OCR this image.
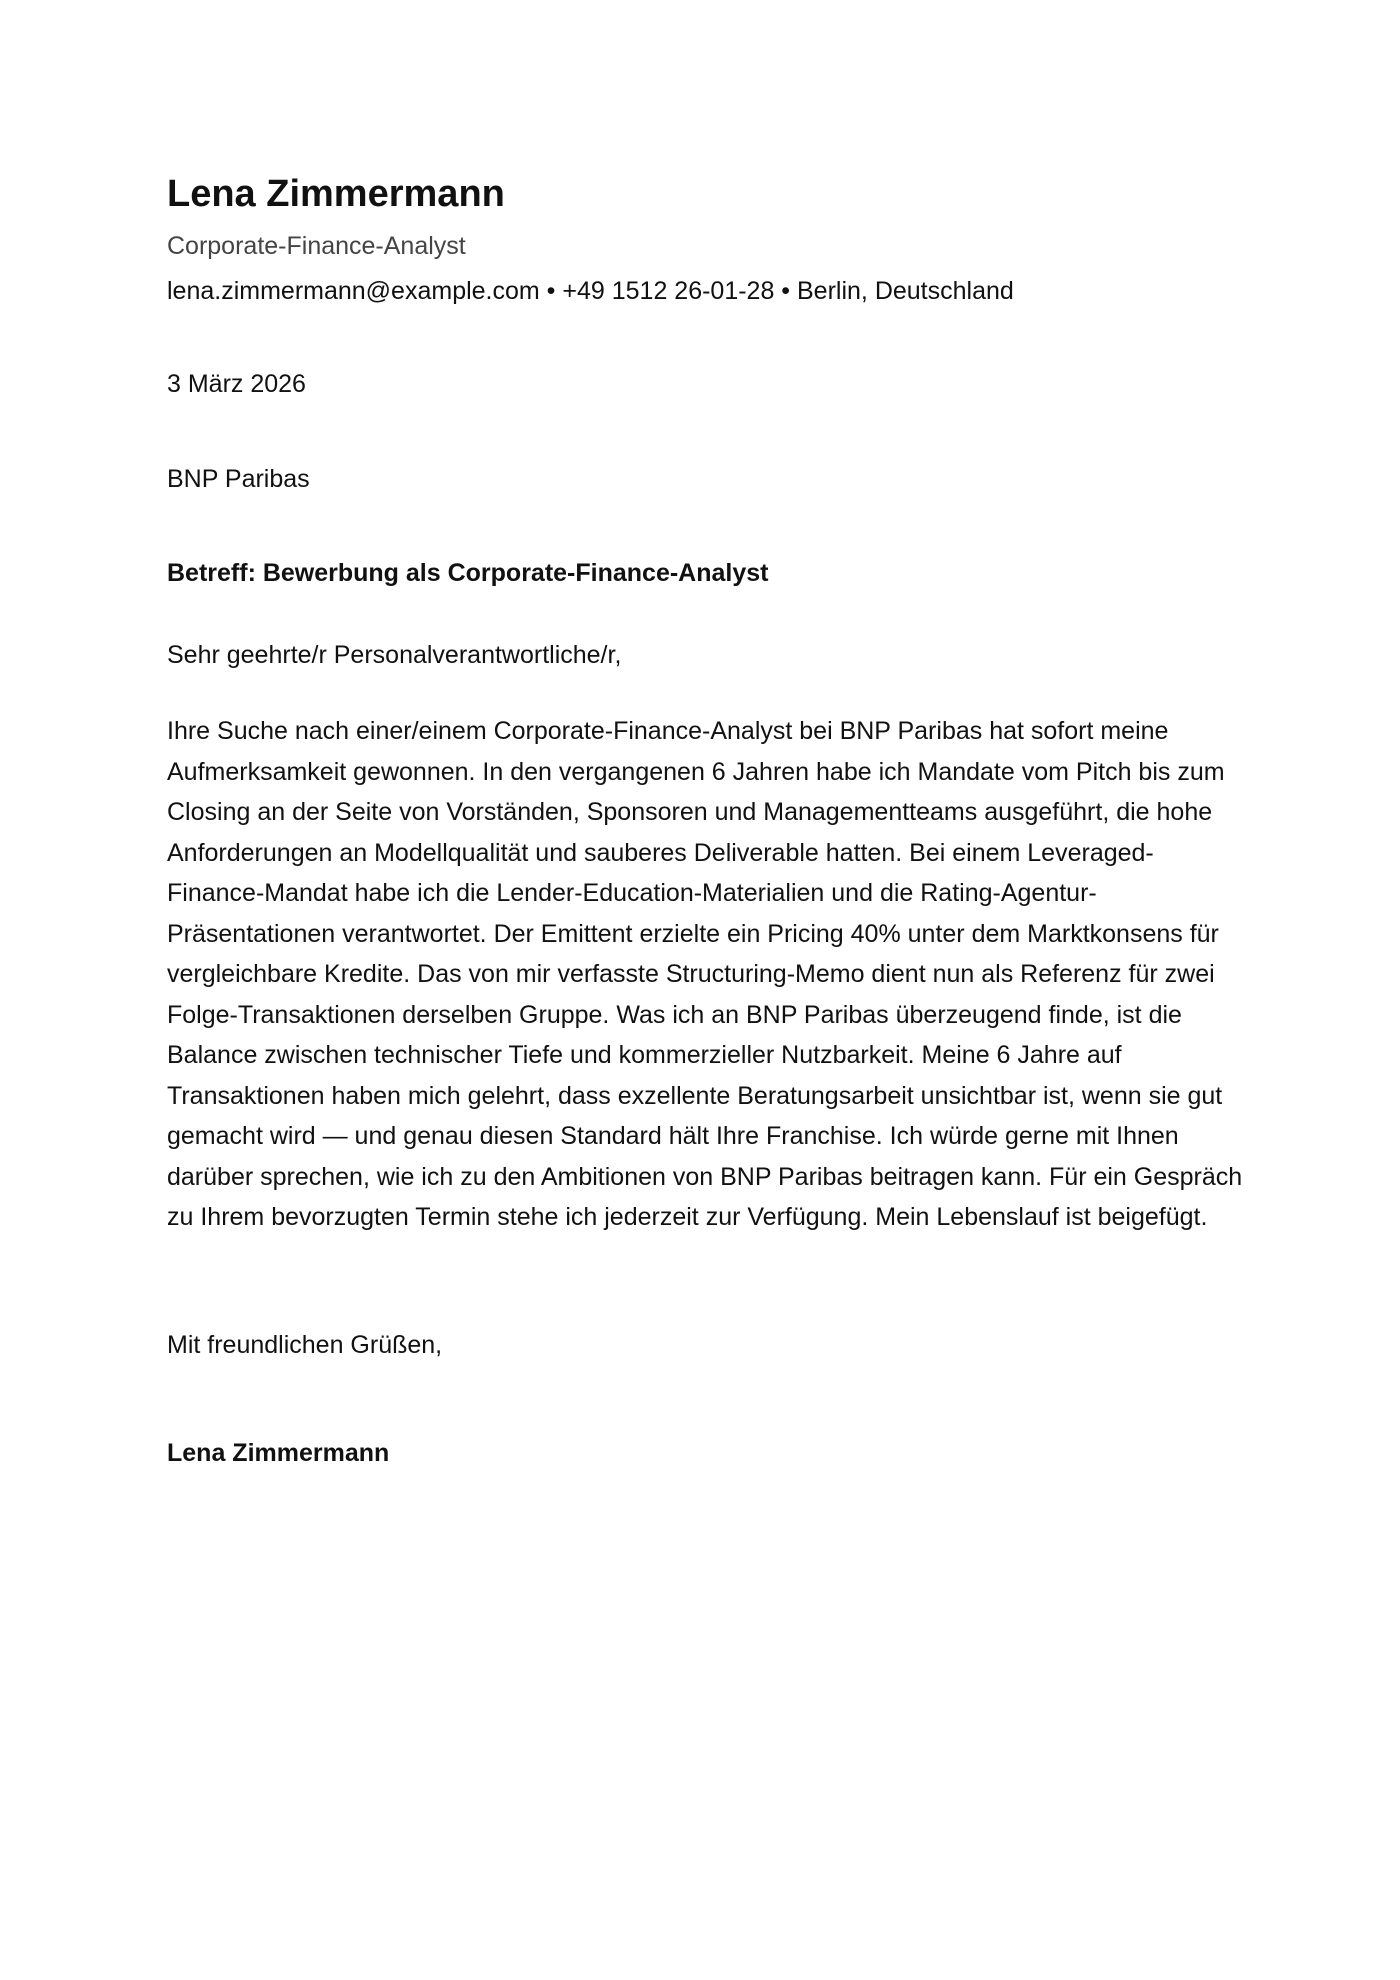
Lena Zimmermann
Corporate-Finance-Analyst
lena.zimmermann@example.com • +49 1512 26-01-28 • Berlin, Deutschland
3 März 2026
BNP Paribas
Betreff: Bewerbung als Corporate-Finance-Analyst
Sehr geehrte/r Personalverantwortliche/r,

Ihre Suche nach einer/einem Corporate-Finance-Analyst bei BNP Paribas hat sofort meine Aufmerksamkeit gewonnen. In den vergangenen 6 Jahren habe ich Mandate vom Pitch bis zum Closing an der Seite von Vorständen, Sponsoren und Managementteams ausgeführt, die hohe Anforderungen an Modellqualität und sauberes Deliverable hatten. Bei einem Leveraged-Finance-Mandat habe ich die Lender-Education-Materialien und die Rating-Agentur-Präsentationen verantwortet. Der Emittent erzielte ein Pricing 40% unter dem Marktkonsens für vergleichbare Kredite. Das von mir verfasste Structuring-Memo dient nun als Referenz für zwei Folge-Transaktionen derselben Gruppe. Was ich an BNP Paribas überzeugend finde, ist die Balance zwischen technischer Tiefe und kommerzieller Nutzbarkeit. Meine 6 Jahre auf Transaktionen haben mich gelehrt, dass exzellente Beratungsarbeit unsichtbar ist, wenn sie gut gemacht wird — und genau diesen Standard hält Ihre Franchise. Ich würde gerne mit Ihnen darüber sprechen, wie ich zu den Ambitionen von BNP Paribas beitragen kann. Für ein Gespräch zu Ihrem bevorzugten Termin stehe ich jederzeit zur Verfügung. Mein Lebenslauf ist beigefügt.

Mit freundlichen Grüßen,
Lena Zimmermann
